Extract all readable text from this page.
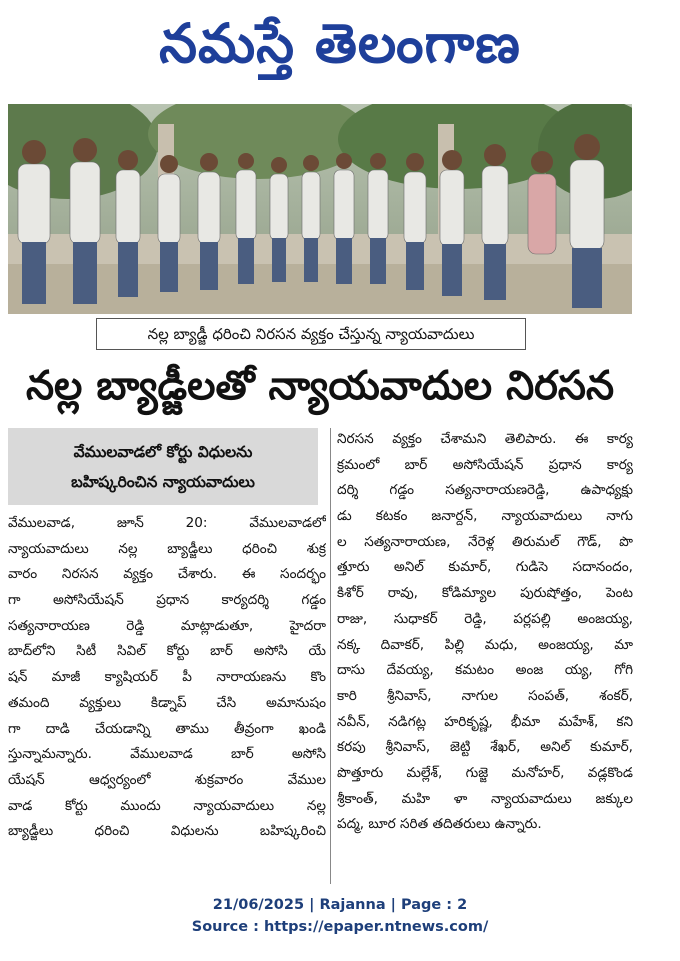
నమస్తే తెలంగాణ
నల్ల బ్యాడ్జీ ధరించి నిరసన వ్యక్తం చేస్తున్న న్యాయవాదులు
నల్ల బ్యాడ్జీలతో న్యాయవాదుల నిరసన
వేములవాడలో కోర్టు విధులను
బహిష్కరించిన న్యాయవాదులు
వేములవాడ, జూన్ 20: వేములవాడలో
న్యాయవాదులు నల్ల బ్యాడ్జీలు ధరించి శుక్ర
వారం నిరసన వ్యక్తం చేశారు. ఈ సందర్భం
గా అసోసియేషన్ ప్రధాన కార్యదర్శి గడ్డం
సత్యనారాయణ రెడ్డి మాట్లాడుతూ, హైదరా
బాద్‌లోని సిటీ సివిల్ కోర్టు బార్ అసోసి యే
షన్ మాజీ క్యాషియర్ పీ నారాయణను కొం
తమంది వ్యక్తులు కిడ్నాప్ చేసి అమానుషం
గా దాడి చేయడాన్ని తాము తీవ్రంగా ఖండి
స్తున్నామన్నారు. వేములవాడ బార్ అసోసి
యేషన్ ఆధ్వర్యంలో శుక్రవారం వేముల
వాడ కోర్టు ముందు న్యాయవాదులు నల్ల
బ్యాడ్జీలు ధరించి విధులను బహిష్కరించి
నిరసన వ్యక్తం చేశామని తెలిపారు. ఈ కార్య
క్రమంలో బార్ అసోసియేషన్ ప్రధాన కార్య
దర్శి గడ్డం సత్యనారాయణరెడ్డి, ఉపాధ్యక్షు
డు కటకం జనార్దన్, న్యాయవాదులు నాగు
ల సత్యనారాయణ, నేరెళ్ల తిరుమల్ గౌడ్, పొ
త్తూరు అనిల్ కుమార్, గుడిసె సదానందం,
కిశోర్ రావు, కోడిమ్యాల పురుషోత్తం, పెంట
రాజు, సుధాకర్ రెడ్డి, పర్లపల్లి అంజయ్య,
నక్క దివాకర్, పిల్లి మధు, అంజయ్య, మా
దాసు దేవయ్య, కమటం అంజ య్య, గోగి
కారి శ్రీనివాస్, నాగుల సంపత్, శంకర్,
నవీన్, నడిగట్ల హరికృష్ణ, భీమా మహేశ్, కని
కరపు శ్రీనివాస్, జెట్టి శేఖర్, అనిల్ కుమార్,
పొత్తూరు మల్లేశ్, గుజ్జె మనోహర్, వడ్లకొండ
శ్రీకాంత్, మహి ళా న్యాయవాదులు జక్కుల
పద్మ, బూర సరిత తదితరులు ఉన్నారు.
21/06/2025 | Rajanna | Page : 2
Source : https://epaper.ntnews.com/
